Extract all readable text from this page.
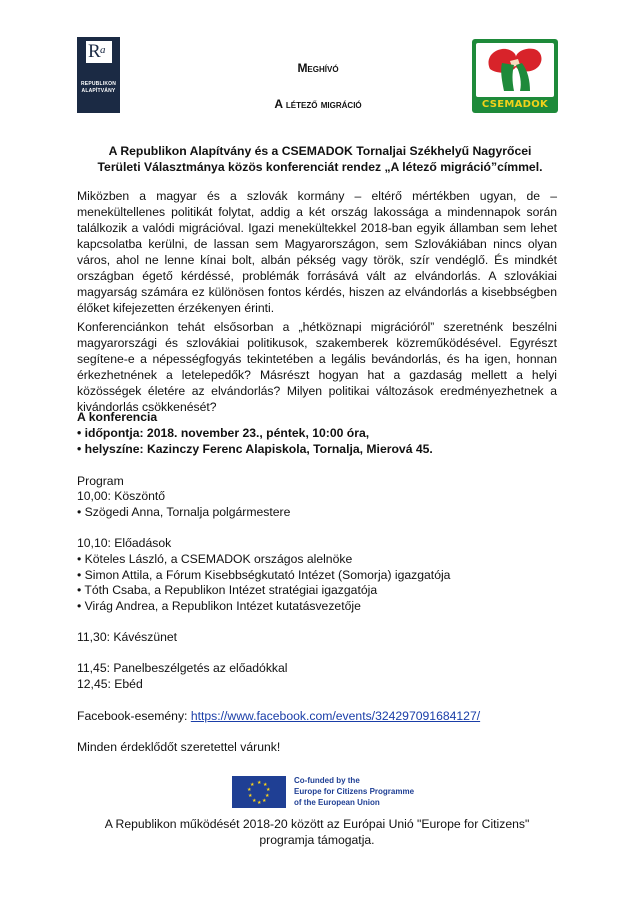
R a
REPUBLIKON ALAPÍTVÁNY
CSEMADOK
Meghívó
A létező migráció
A Republikon Alapítvány és a CSEMADOK Tornaljai Székhelyű Nagyrőcei Területi Választmánya közös konferenciát rendez „A létező migráció”címmel.
Miközben a magyar és a szlovák kormány – eltérő mértékben ugyan, de – menekültellenes politikát folytat, addig a két ország lakossága a mindennapok során találkozik a valódi migrációval. Igazi menekültekkel 2018-ban egyik államban sem lehet kapcsolatba kerülni, de lassan sem Magyarországon, sem Szlovákiában nincs olyan város, ahol ne lenne kínai bolt, albán pékség vagy török, szír vendéglő. És mindkét országban égető kérdéssé, problémák forrásává vált az elvándorlás. A szlovákiai magyarság számára ez különösen fontos kérdés, hiszen az elvándorlás a kisebbségben élőket kifejezetten érzékenyen érinti.
Konferenciánkon tehát elsősorban a „hétköznapi migrációról” szeretnénk beszélni magyarországi és szlovákiai politikusok, szakemberek közreműködésével. Egyrészt segítene-e a népességfogyás tekintetében a legális bevándorlás, és ha igen, honnan érkezhetnének a letelepedők? Másrészt hogyan hat a gazdaság mellett a helyi közösségek életére az elvándorlás? Milyen politikai változások eredményezhetnek a kivándorlás csökkenését?
A konferencia
• időpontja: 2018. november 23., péntek, 10:00 óra,
• helyszíne: Kazinczy Ferenc Alapiskola, Tornalja, Mierová 45.
Program
10,00: Köszöntő
• Szögedi Anna, Tornalja polgármestere
10,10: Előadások
• Köteles László, a CSEMADOK országos alelnöke
• Simon Attila, a Fórum Kisebbségkutató Intézet (Somorja) igazgatója
• Tóth Csaba, a Republikon Intézet stratégiai igazgatója
• Virág Andrea, a Republikon Intézet kutatásvezetője
11,30: Kávészünet
11,45: Panelbeszélgetés az előadókkal
12,45: Ebéd
Facebook-esemény: https://www.facebook.com/events/324297091684127/
Minden érdeklődőt szeretettel várunk!
★ ★
★
★
★
★
★
★
★
★	Co-funded by the
Europe for Citizens Programme
of the European Union
A Republikon működését 2018-20 között az Európai Unió "Europe for Citizens" programja támogatja.
